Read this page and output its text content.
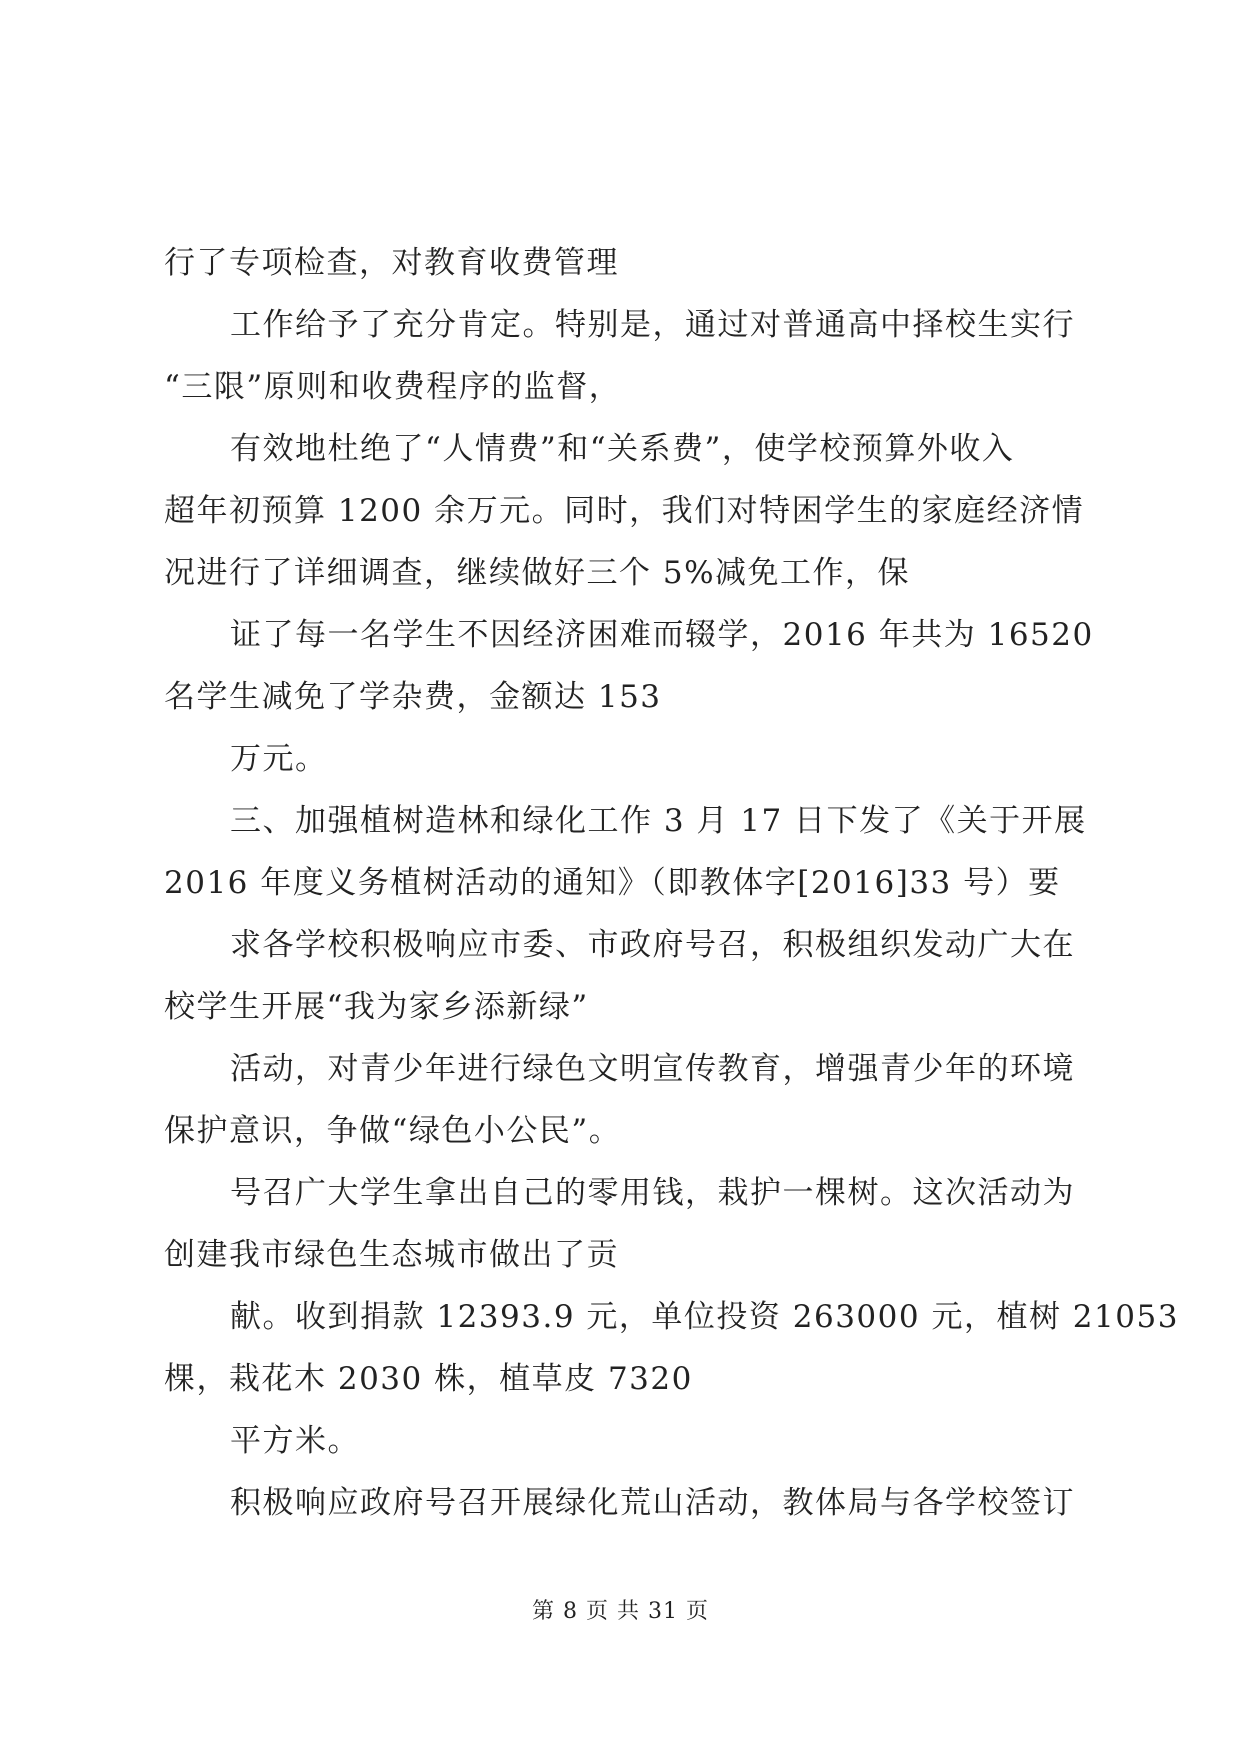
行了专项检查，对教育收费管理
工作给予了充分肯定。特别是，通过对普通高中择校生实行
“三限”原则和收费程序的监督，
有效地杜绝了“人情费”和“关系费”，使学校预算外收入
超年初预算 1200 余万元。同时，我们对特困学生的家庭经济情
况进行了详细调查，继续做好三个 5%减免工作，保
证了每一名学生不因经济困难而辍学，2016 年共为 16520
名学生减免了学杂费，金额达 153
万元。
三、加强植树造林和绿化工作 3 月 17 日下发了《关于开展
2016 年度义务植树活动的通知》（即教体字[2016]33 号）要
求各学校积极响应市委、市政府号召，积极组织发动广大在
校学生开展“我为家乡添新绿”
活动，对青少年进行绿色文明宣传教育，增强青少年的环境
保护意识，争做“绿色小公民”。
号召广大学生拿出自己的零用钱，栽护一棵树。这次活动为
创建我市绿色生态城市做出了贡
献。收到捐款 12393.9 元，单位投资 263000 元，植树 21053
棵，栽花木 2030 株，植草皮 7320
平方米。
积极响应政府号召开展绿化荒山活动，教体局与各学校签订
第 8 页 共 31 页
